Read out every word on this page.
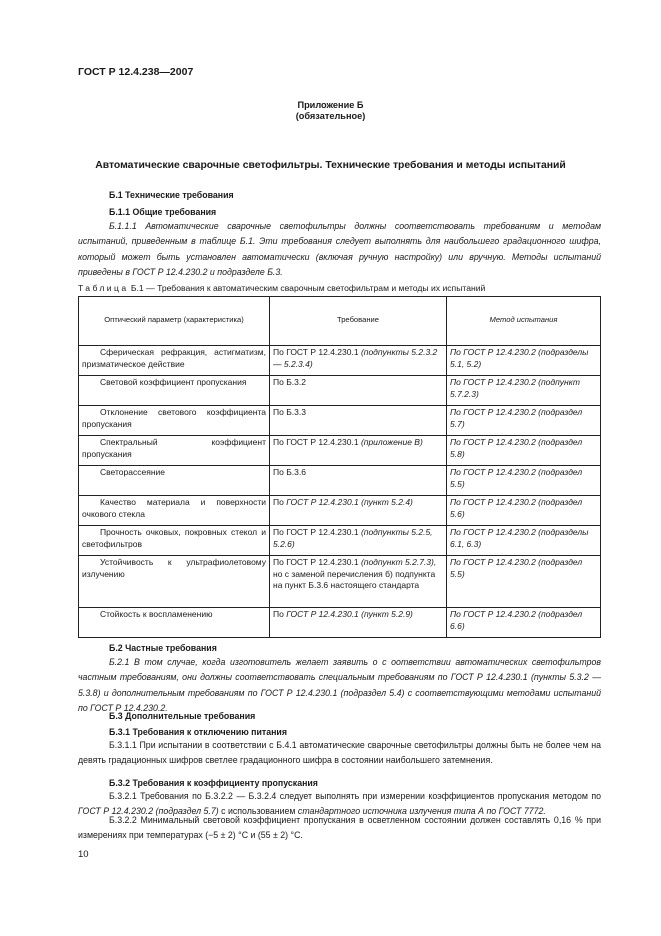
ГОСТ Р 12.4.238—2007
Приложение Б
(обязательное)
Автоматические сварочные светофильтры. Технические требования и методы испытаний
Б.1 Технические требования
Б.1.1 Общие требования
Б.1.1.1 Автоматические сварочные светофильтры должны соответствовать требованиям и методам испытаний, приведенным в таблице Б.1. Эти требования следует выполнять для наибольшего градационного шифра, который может быть установлен автоматически (включая ручную настройку) или вручную. Методы испытаний приведены в ГОСТ Р 12.4.230.2 и подразделе Б.3.
Таблица Б.1 — Требования к автоматическим сварочным светофильтрам и методы их испытаний
Оптический параметр (характеристика)	Требование	Метод испытания
Сферическая рефракция, астигматизм, призматическое действие	По ГОСТ Р 12.4.230.1 (подпункты 5.2.3.2 — 5.2.3.4)	По ГОСТ Р 12.4.230.2 (подразделы 5.1, 5.2)
Световой коэффициент пропускания	По Б.3.2	По ГОСТ Р 12.4.230.2 (подпункт 5.7.2.3)
Отклонение светового коэффициента пропускания	По Б.3.3	По ГОСТ Р 12.4.230.2 (подраздел 5.7)
Спектральный коэффициент пропускания	По ГОСТ Р 12.4.230.1 (приложение В)	По ГОСТ Р 12.4.230.2 (подраздел 5.8)
Светорассеяние	По Б.3.6	По ГОСТ Р 12.4.230.2 (подраздел 5.5)
Качество материала и поверхности очкового стекла	По ГОСТ Р 12.4.230.1 (пункт 5.2.4)	По ГОСТ Р 12.4.230.2 (подраздел 5.6)
Прочность очковых, покровных стекол и светофильтров	По ГОСТ Р 12.4.230.1 (подпункты 5.2.5, 5.2.6)	По ГОСТ Р 12.4.230.2 (подразделы 6.1, 6.3)
Устойчивость к ультрафиолетовому излучению	По ГОСТ Р 12.4.230.1 (подпункт 5.2.7.3), но с заменой перечисления б) подпункта на пункт Б.3.6 настоящего стандарта	По ГОСТ Р 12.4.230.2 (подраздел 5.5)
Стойкость к воспламенению	По ГОСТ Р 12.4.230.1 (пункт 5.2.9)	По ГОСТ Р 12.4.230.2 (подраздел 6.6)
Б.2 Частные требования
Б.2.1 В том случае, когда изготовитель желает заявить о с оответствии автоматических светофильтров частным требованиям, они должны соответствовать специальным требованиям по ГОСТ Р 12.4.230.1 (пункты 5.3.2 — 5.3.8) и дополнительным требованиям по ГОСТ Р 12.4.230.1 (подраздел 5.4) с соответствующими методами испытаний по ГОСТ Р 12.4.230.2.
Б.3 Дополнительные требования
Б.3.1 Требования к отключению питания
Б.3.1.1 При испытании в соответствии с Б.4.1 автоматические сварочные светофильтры должны быть не более чем на девять градационных шифров светлее градационного шифра в состоянии наибольшего затемнения.
Б.3.2 Требования к коэффициенту пропускания
Б.3.2.1 Требования по Б.3.2.2 — Б.3.2.4 следует выполнять при измерении коэффициентов пропускания методом по ГОСТ Р 12.4.230.2 (подраздел 5.7) с использованием стандартного источника излучения типа А по ГОСТ 7772.
Б.3.2.2 Минимальный световой коэффициент пропускания в осветленном состоянии должен составлять 0,16 % при измерениях при температурах (−5 ± 2) °С и (55 ± 2) °С.
10
